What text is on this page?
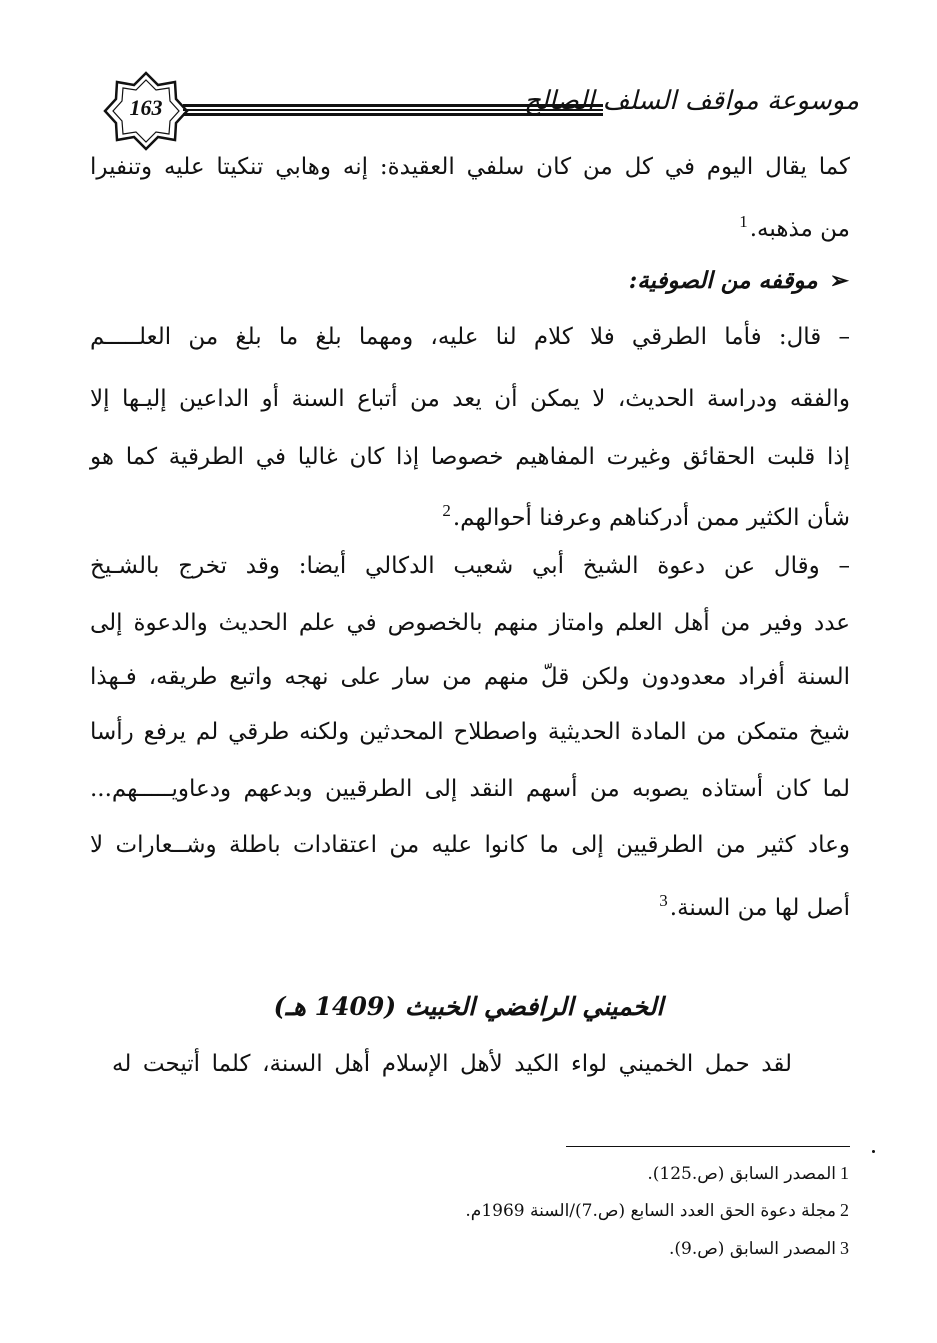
163	موسوعة مواقف السلف الصالح
كما يقال اليوم في كل من كان سلفي العقيدة: إنه وهابي تنكيتا عليه وتنفيرا
من مذهبه.$^1$
➢موقفه من الصوفية:
– قال: فأما الطرقي فلا كلام لنا عليه، ومهما بلغ ما بلغ من العلـــــم
والفقه ودراسة الحديث، لا يمكن أن يعد من أتباع السنة أو الداعين إليـها إلا
إذا قلبت الحقائق وغيرت المفاهيم خصوصا إذا كان غاليا في الطرقية كما هو
شأن الكثير ممن أدركناهم وعرفنا أحوالهم.$^2$
– وقال عن دعوة الشيخ أبي شعيب الدكالي أيضا: وقد تخرج بالشـيخ
عدد وفير من أهل العلم وامتاز منهم بالخصوص في علم الحديث والدعوة إلى
السنة أفراد معدودون ولكن قلّ منهم من سار على نهجه واتبع طريقه، فـهذا
شيخ متمكن من المادة الحديثية واصطلاح المحدثين ولكنه طرقي لم يرفع رأسا
لما كان أستاذه يصوبه من أسهم النقد إلى الطرقيين وبدعهم ودعاويـــــهم...
وعاد كثير من الطرقيين إلى ما كانوا عليه من اعتقادات باطلة وشــعارات لا
أصل لها من السنة.$^3$
الخميني الرافضي الخبيث (1409 هـ)
لقد حمل الخميني لواء الكيد لأهل الإسلام أهل السنة، كلما أتيحت له
1المصدر السابق (ص.125).
2مجلة دعوة الحق العدد السابع (ص.7)/السنة 1969م.
3المصدر السابق (ص.9).
